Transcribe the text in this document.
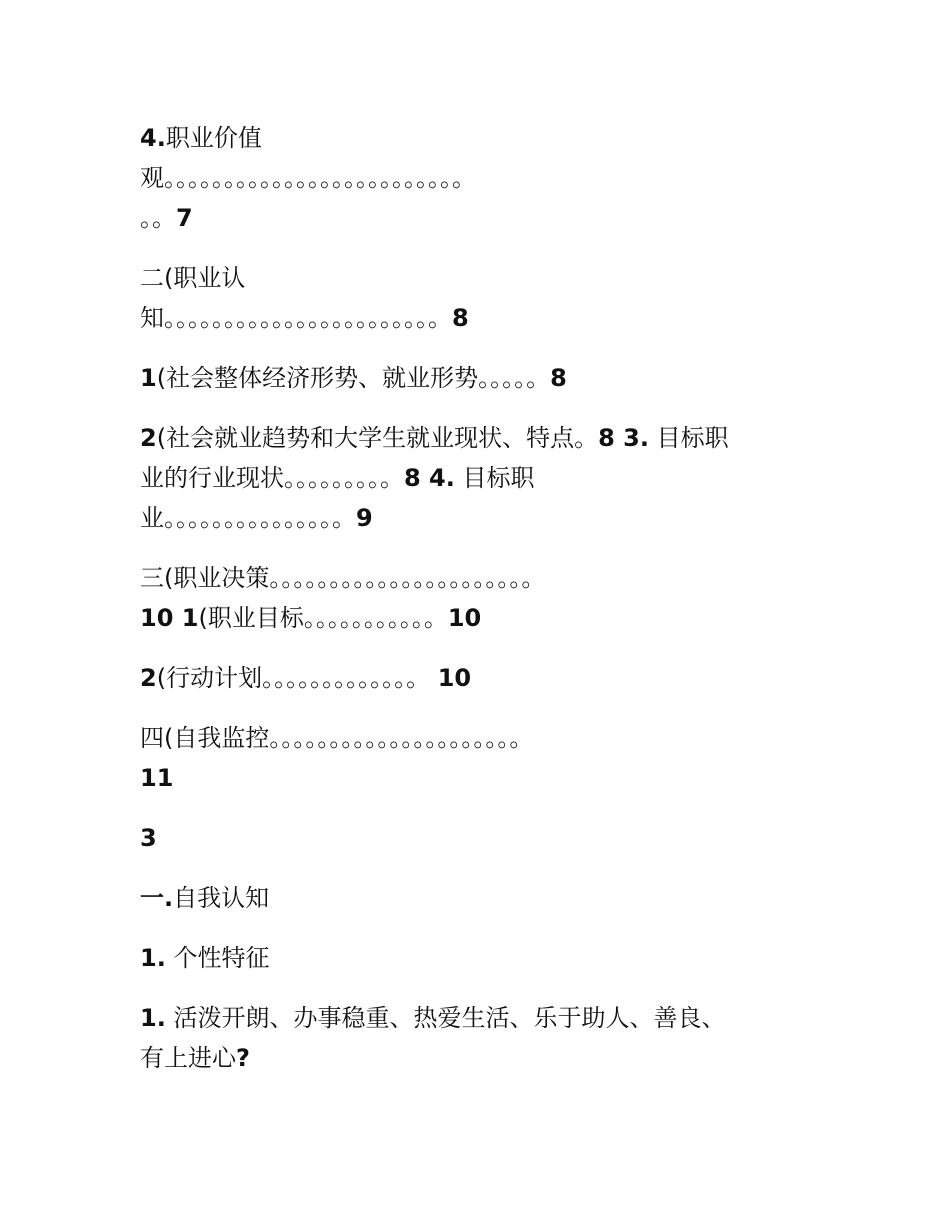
4.职业价值
观。。。。。。。。。。。。。。。。。。。。。。。。。
。。7
二(职业认
知。。。。。。。。。。。。。。。。。。。。。。。8
1(社会整体经济形势、就业形势。。。。。8
2(社会就业趋势和大学生就业现状、特点。8 3. 目标职
业的行业现状。。。。。。。。。8 4. 目标职
业。。。。。。。。。。。。。。。9
三(职业决策。。。。。。。。。。。。。。。。。。。。。。
10 1(职业目标。。。。。。。。。。。10
2(行动计划。。。。。。。。。。。。。 10
四(自我监控。。。。。。。。。。。。。。。。。。。。。
11
3
一.自我认知
1. 个性特征
1. 活泼开朗、办事稳重、热爱生活、乐于助人、善良、
有上进心?
